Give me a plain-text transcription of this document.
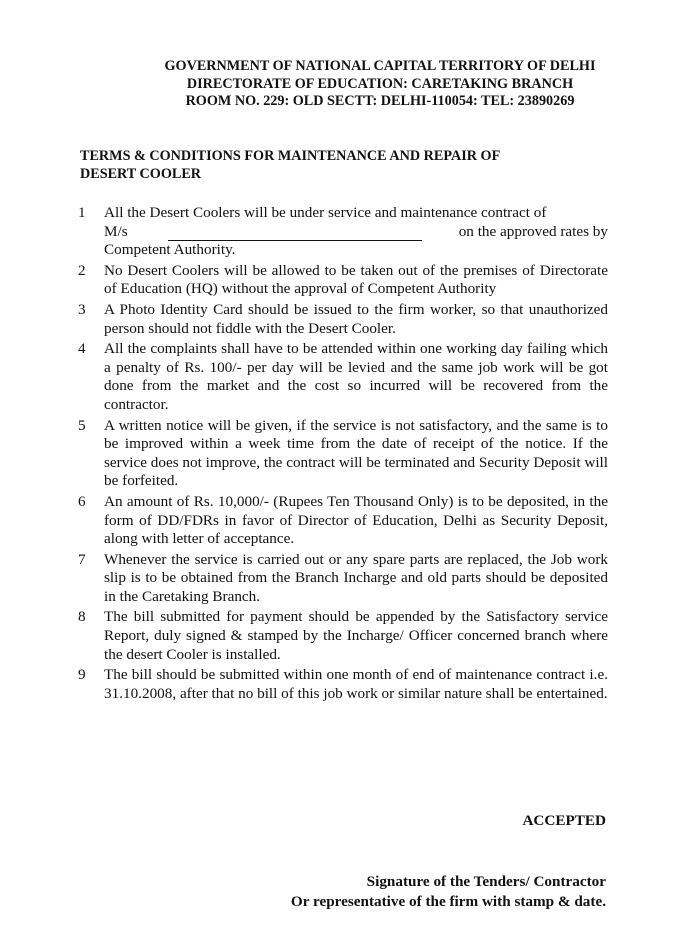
GOVERNMENT OF NATIONAL CAPITAL TERRITORY OF DELHI
DIRECTORATE OF EDUCATION: CARETAKING BRANCH
ROOM NO. 229: OLD SECTT: DELHI-110054: TEL: 23890269
TERMS & CONDITIONS FOR MAINTENANCE AND REPAIR OF
DESERT COOLER
1	All the Desert Coolers will be under service and maintenance contract of
M/s	on the approved rates by
Competent Authority.
2	No Desert Coolers will be allowed to be taken out of the premises of Directorate of Education (HQ) without the approval of Competent Authority
3	A Photo Identity Card should be issued to the firm worker, so that unauthorized person should not fiddle with the Desert Cooler.
4	All the complaints shall have to be attended within one working day failing which a penalty of Rs. 100/- per day will be levied and the same job work will be got done from the market and the cost so incurred will be recovered from the contractor.
5	A written notice will be given, if the service is not satisfactory, and the same is to be improved within a week time from the date of receipt of the notice. If the service does not improve, the contract will be terminated and Security Deposit will be forfeited.
6	An amount of Rs. 10,000/- (Rupees Ten Thousand Only) is to be deposited, in the form of DD/FDRs in favor of Director of Education, Delhi as Security Deposit, along with letter of acceptance.
7	Whenever the service is carried out or any spare parts are replaced, the Job work slip is to be obtained from the Branch Incharge and old parts should be deposited in the Caretaking Branch.
8	The bill submitted for payment should be appended by the Satisfactory service Report, duly signed & stamped by the Incharge/ Officer concerned branch where the desert Cooler is installed.
9	The bill should be submitted within one month of end of maintenance contract i.e. 31.10.2008, after that no bill of this job work or similar nature shall be entertained.
ACCEPTED
Signature of the Tenders/ Contractor
Or representative of the firm with stamp & date.
